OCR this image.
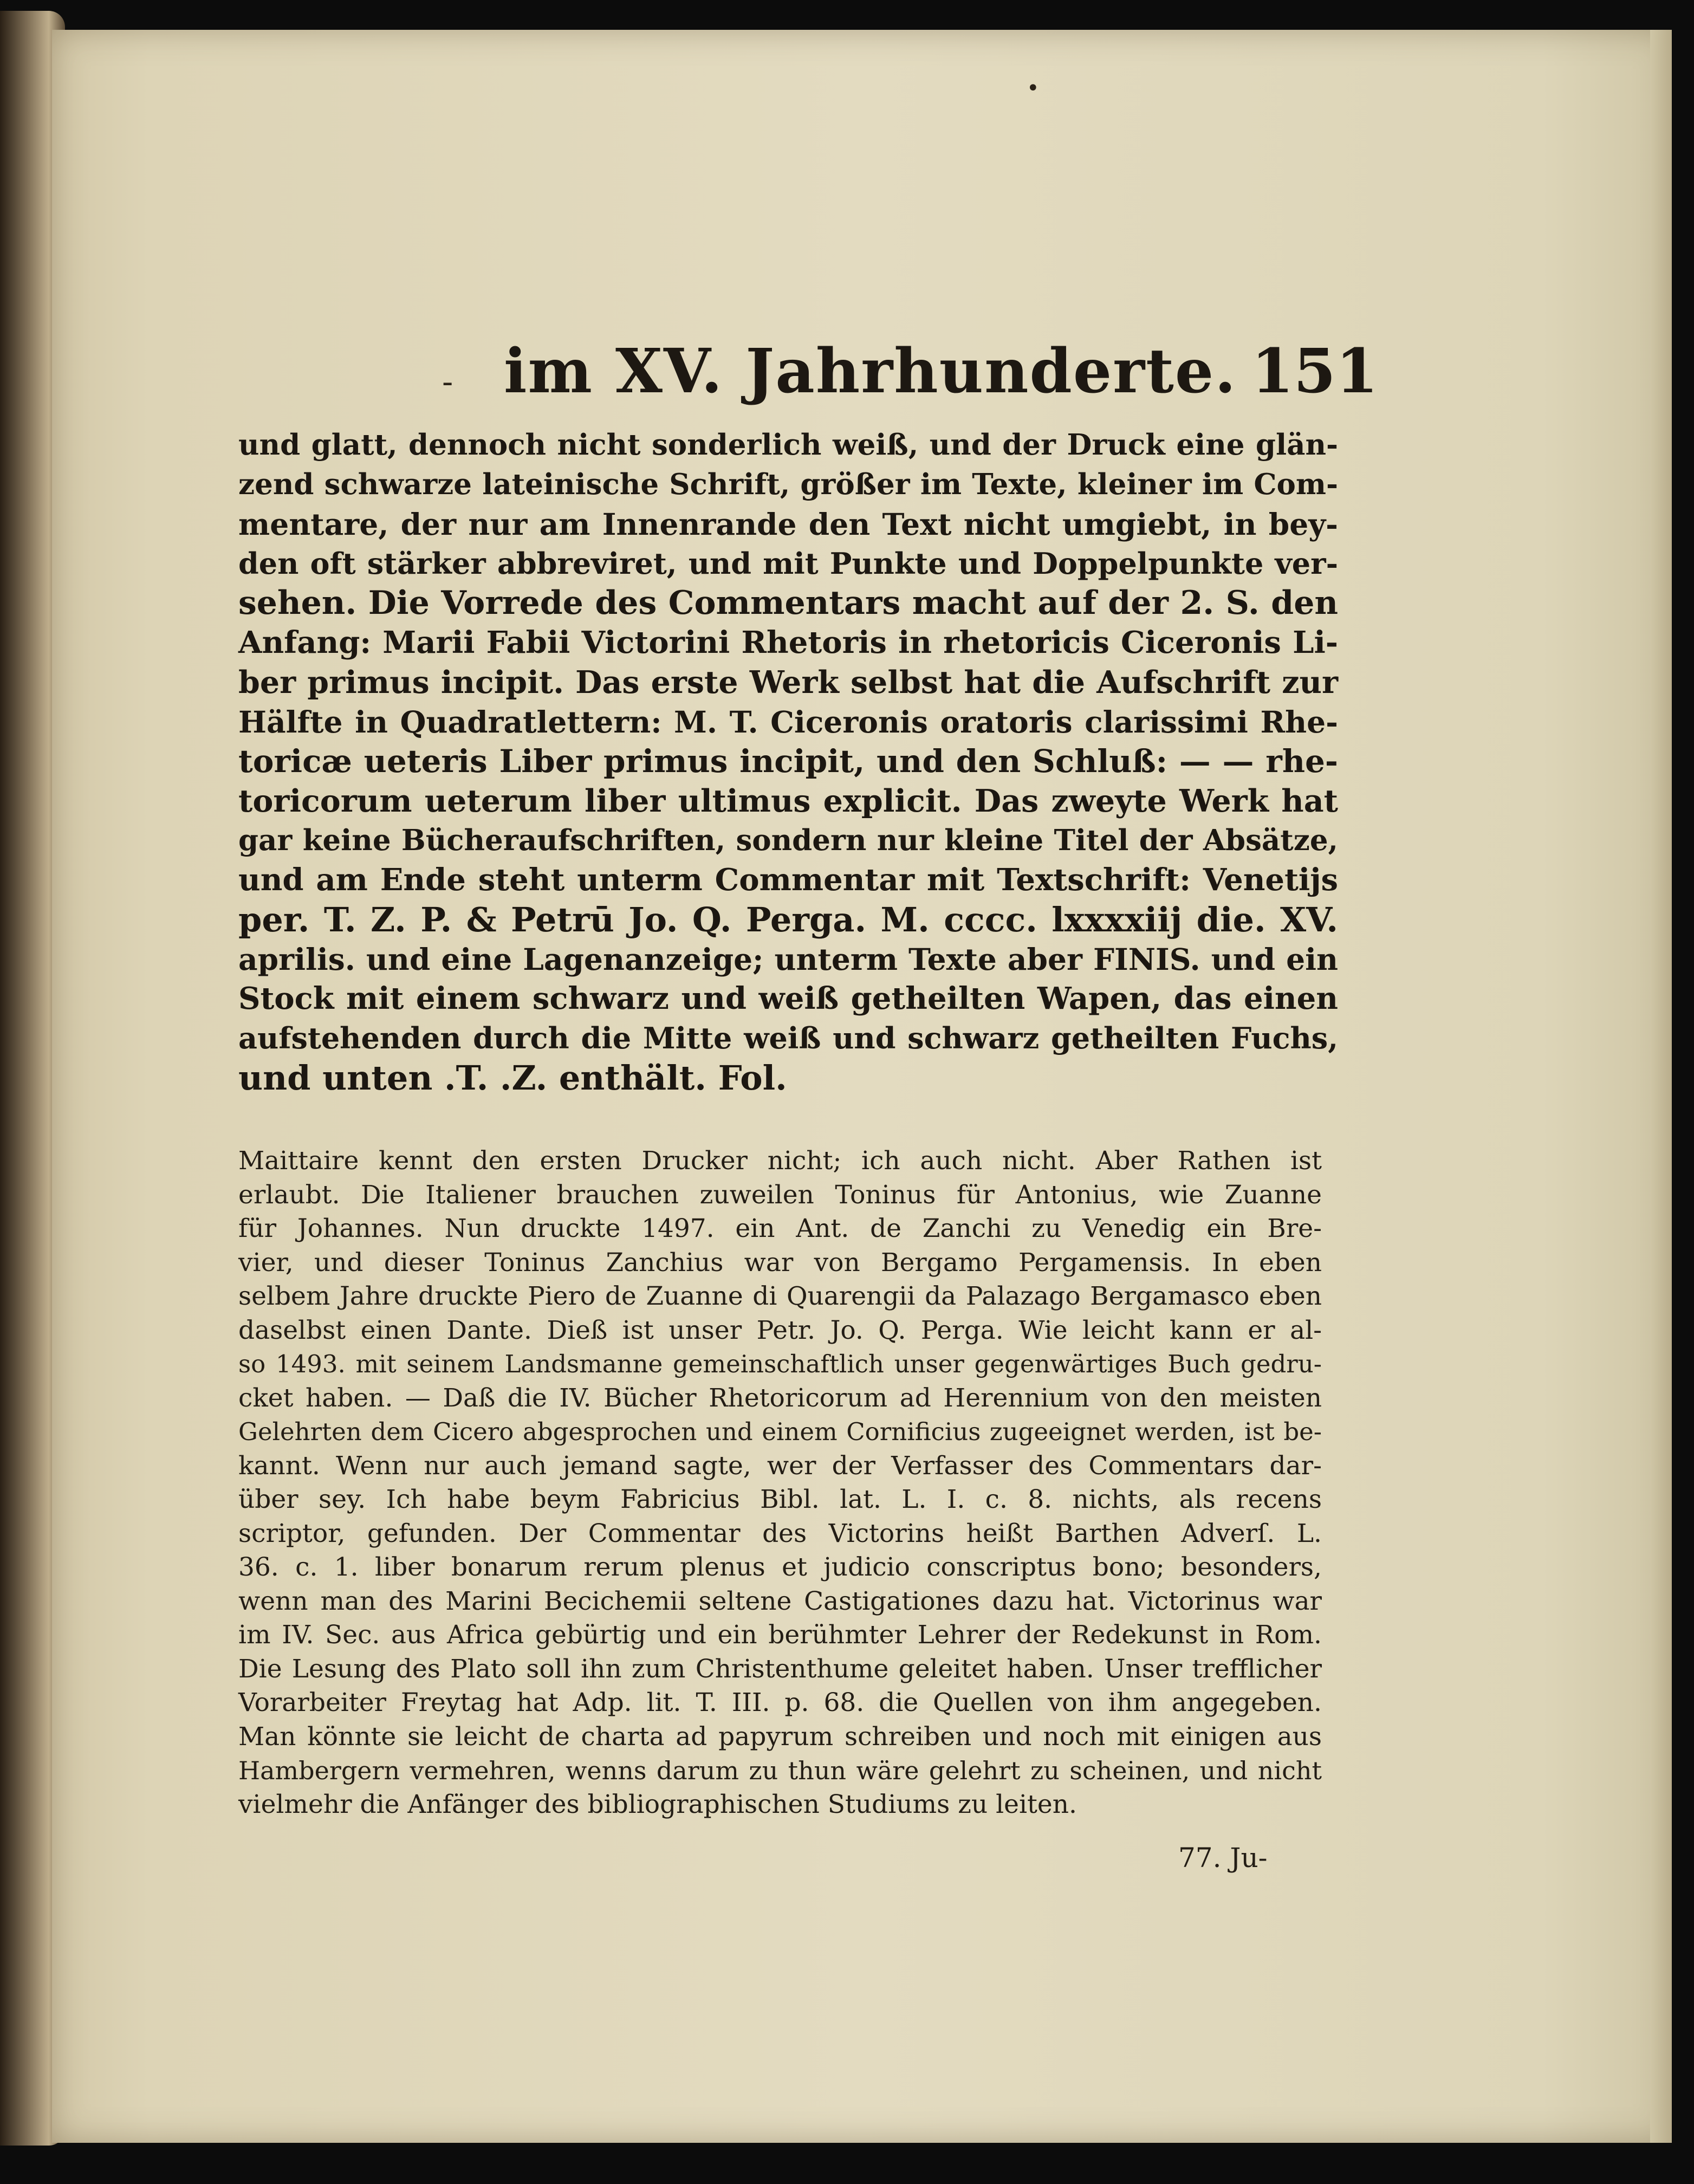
•
- im XV. Jahrhunderte. 151
und glatt, dennoch nicht sonderlich weiß, und der Druck eine glän-
zend schwarze lateinische Schrift, größer im Texte, kleiner im Com-
mentare, der nur am Innenrande den Text nicht umgiebt, in bey-
den oft stärker abbreviret, und mit Punkte und Doppelpunkte ver-
sehen. Die Vorrede des Commentars macht auf der 2. S. den
Anfang: Marii Fabii Victorini Rhetoris in rhetoricis Ciceronis Li-
ber primus incipit. Das erste Werk selbst hat die Aufschrift zur
Hälfte in Quadratlettern: M. T. Ciceronis oratoris clarissimi Rhe-
toricæ ueteris Liber primus incipit, und den Schluß: — — rhe-
toricorum ueterum liber ultimus explicit. Das zweyte Werk hat
gar keine Bücheraufschriften, sondern nur kleine Titel der Absätze,
und am Ende steht unterm Commentar mit Textschrift: Venetijs
per. T. Z. P. & Petrū Jo. Q. Perga. M. cccc. lxxxxiij die. XV.
aprilis. und eine Lagenanzeige; unterm Texte aber FINIS. und ein
Stock mit einem schwarz und weiß getheilten Wapen, das einen
aufstehenden durch die Mitte weiß und schwarz getheilten Fuchs,
und unten .T. .Z. enthält. Fol.
Maittaire kennt den ersten Drucker nicht; ich auch nicht. Aber Rathen ist
erlaubt. Die Italiener brauchen zuweilen Toninus für Antonius, wie Zuanne
für Johannes. Nun druckte 1497. ein Ant. de Zanchi zu Venedig ein Bre-
vier, und dieser Toninus Zanchius war von Bergamo Pergamensis. In eben
selbem Jahre druckte Piero de Zuanne di Quarengii da Palazago Bergamasco eben
daselbst einen Dante. Dieß ist unser Petr. Jo. Q. Perga. Wie leicht kann er al-
so 1493. mit seinem Landsmanne gemeinschaftlich unser gegenwärtiges Buch gedru-
cket haben. — Daß die IV. Bücher Rhetoricorum ad Herennium von den meisten
Gelehrten dem Cicero abgesprochen und einem Cornificius zugeeignet werden, ist be-
kannt. Wenn nur auch jemand sagte, wer der Verfasser des Commentars dar-
über sey. Ich habe beym Fabricius Bibl. lat. L. I. c. 8. nichts, als recens
scriptor, gefunden. Der Commentar des Victorins heißt Barthen Adverſ. L.
36. c. 1. liber bonarum rerum plenus et judicio conscriptus bono; besonders,
wenn man des Marini Becichemii seltene Castigationes dazu hat. Victorinus war
im IV. Sec. aus Africa gebürtig und ein berühmter Lehrer der Redekunst in Rom.
Die Lesung des Plato soll ihn zum Christenthume geleitet haben. Unser trefflicher
Vorarbeiter Freytag hat Adp. lit. T. III. p. 68. die Quellen von ihm angegeben.
Man könnte sie leicht de charta ad papyrum schreiben und noch mit einigen aus
Hambergern vermehren, wenns darum zu thun wäre gelehrt zu scheinen, und nicht
vielmehr die Anfänger des bibliographischen Studiums zu leiten.
77. Ju-
